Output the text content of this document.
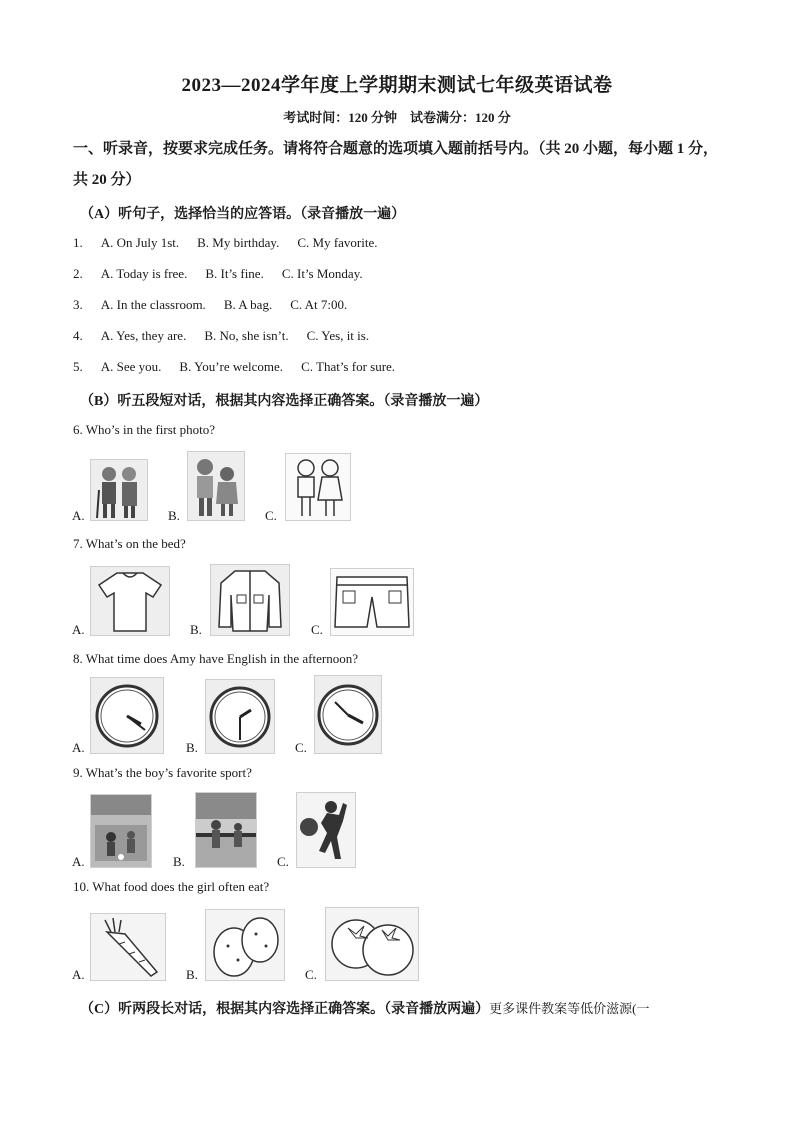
2023—2024学年度上学期期末测试七年级英语试卷
考试时间：120 分钟　试卷满分：120 分
一、听录音，按要求完成任务。请将符合题意的选项填入题前括号内。（共 20 小题，每小题 1 分，共 20 分）
（A）听句子，选择恰当的应答语。（录音播放一遍）
1. A. On July 1st. B. My birthday. C. My favorite.
2. A. Today is free. B. It’s fine. C. It’s Monday.
3. A. In the classroom. B. A bag. C. At 7:00.
4. A. Yes, they are. B. No, she isn’t. C. Yes, it is.
5. A. See you. B. You’re welcome. C. That’s for sure.
（B）听五段短对话，根据其内容选择正确答案。（录音播放一遍）
6. Who’s in the first photo?
A.	B.	C.
7. What’s on the bed?
A.	B.	C.
8. What time does Amy have English in the afternoon?
A.	B.	C.
9. What’s the boy’s favorite sport?
A.	B.	C.
10. What food does the girl often eat?
A.	B.	C.
（C）听两段长对话，根据其内容选择正确答案。（录音播放两遍）更多课件教案等低价滋源(一
